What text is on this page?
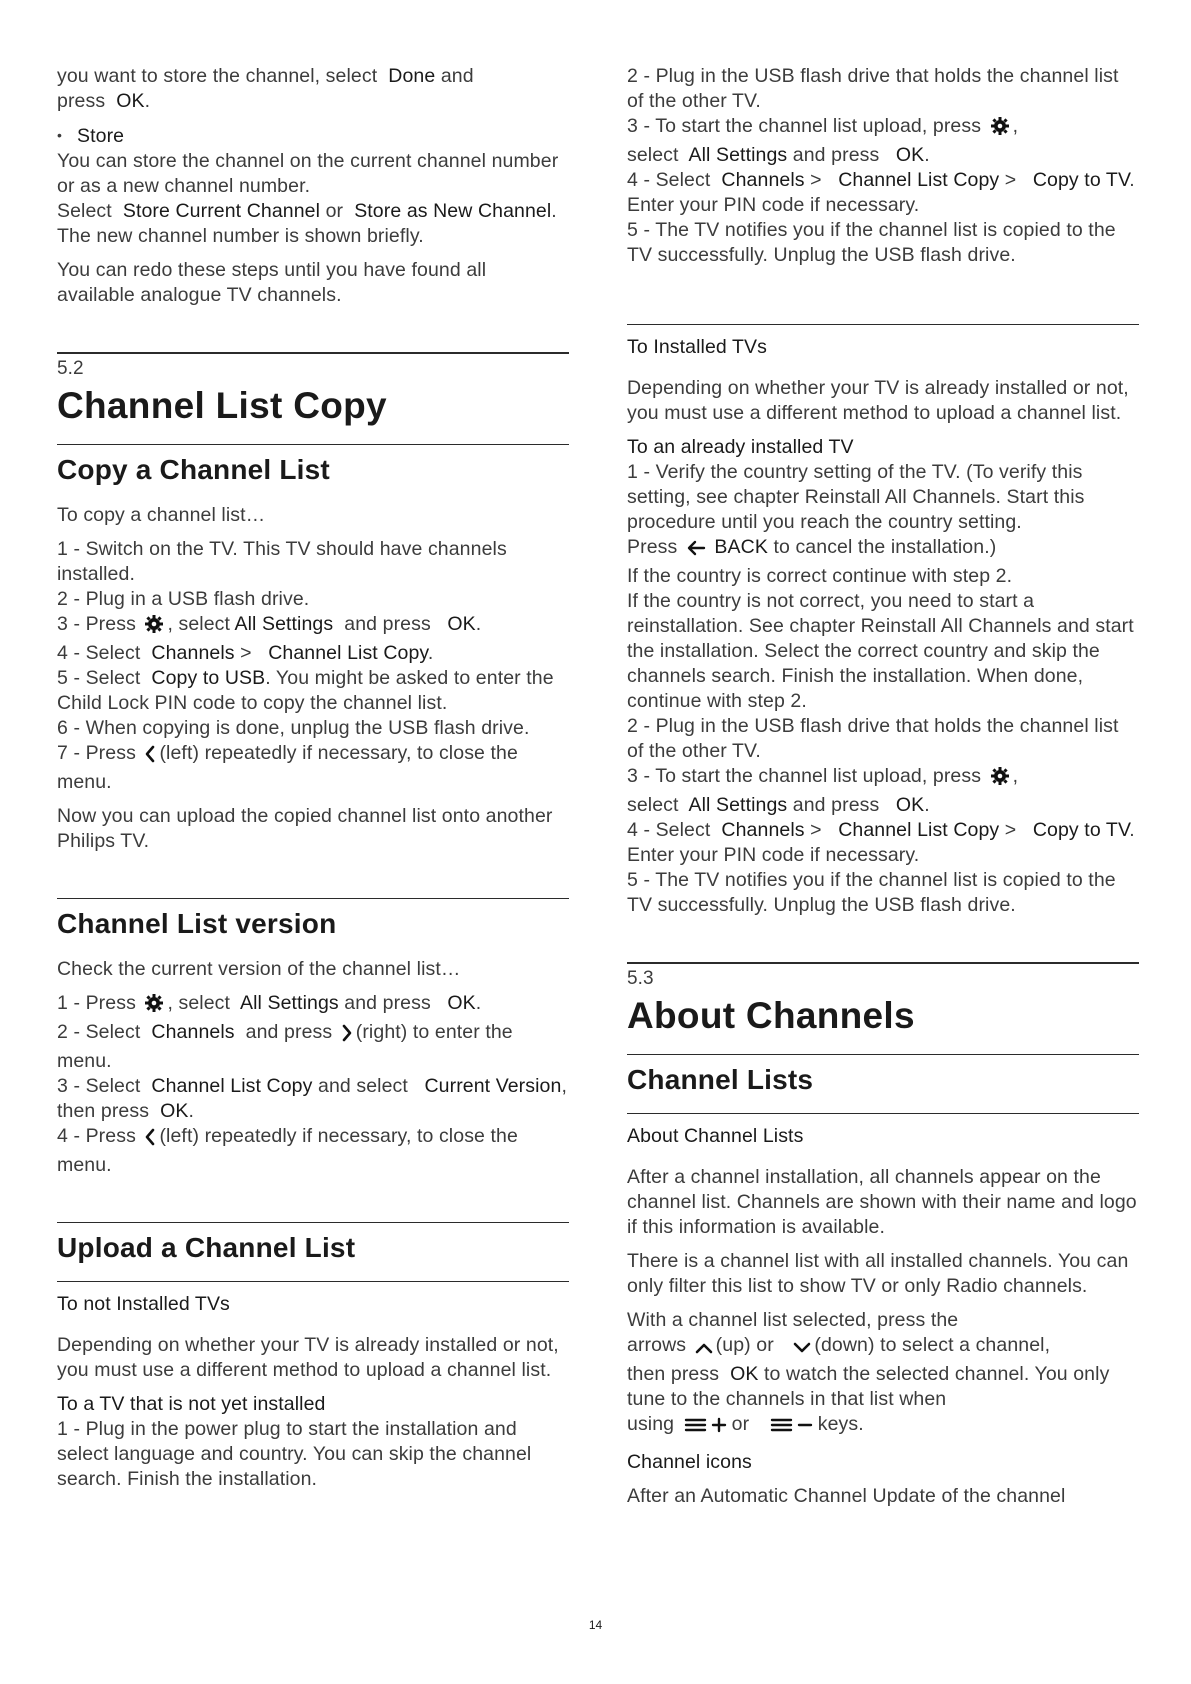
you want to store the channel, select Done and
press OK.

• Store

You can store the channel on the current channel number or as a new channel number.
Select Store Current Channel or Store as New Channel. The new channel number is shown briefly.

You can redo these steps until you have found all available analogue TV channels.

5.2

Channel List Copy
Copy a Channel List

To copy a channel list…

1 - Switch on the TV. This TV should have channels installed.

2 - Plug in a USB flash drive.

3 - Press , select All Settings and press OK.

4 - Select Channels > Channel List Copy.

5 - Select Copy to USB. You might be asked to enter the Child Lock PIN code to copy the channel list.

6 - When copying is done, unplug the USB flash drive.

7 - Press (left) repeatedly if necessary, to close the menu.

Now you can upload the copied channel list onto another Philips TV.

Channel List version

Check the current version of the channel list…

1 - Press , select All Settings and press OK.

2 - Select Channels and press (right) to enter the menu.

3 - Select Channel List Copy and select Current Version, then press OK.

4 - Press (left) repeatedly if necessary, to close the menu.

Upload a Channel List

To not Installed TVs

Depending on whether your TV is already installed or not, you must use a different method to upload a channel list.

To a TV that is not yet installed

1 - Plug in the power plug to start the installation and select language and country. You can skip the channel search. Finish the installation.

2 - Plug in the USB flash drive that holds the channel list of the other TV.

3 - To start the channel list upload, press ,
select All Settings and press OK.

4 - Select Channels > Channel List Copy > Copy to TV. Enter your PIN code if necessary.

5 - The TV notifies you if the channel list is copied to the TV successfully. Unplug the USB flash drive.

To Installed TVs

Depending on whether your TV is already installed or not, you must use a different method to upload a channel list.

To an already installed TV

1 - Verify the country setting of the TV. (To verify this setting, see chapter Reinstall All Channels. Start this procedure until you reach the country setting.
Press BACK to cancel the installation.)
If the country is correct continue with step 2.
If the country is not correct, you need to start a reinstallation. See chapter Reinstall All Channels and start the installation. Select the correct country and skip the channels search. Finish the installation. When done, continue with step 2.

2 - Plug in the USB flash drive that holds the channel list of the other TV.

3 - To start the channel list upload, press ,
select All Settings and press OK.

4 - Select Channels > Channel List Copy > Copy to TV. Enter your PIN code if necessary.

5 - The TV notifies you if the channel list is copied to the TV successfully. Unplug the USB flash drive.

5.3

About Channels
Channel Lists

About Channel Lists

After a channel installation, all channels appear on the channel list. Channels are shown with their name and logo if this information is available.

There is a channel list with all installed channels. You can only filter this list to show TV or only Radio channels.

With a channel list selected, press the
arrows (up) or (down) to select a channel,
then press OK to watch the selected channel. You only tune to the channels in that list when
using	or	keys.

Channel icons

After an Automatic Channel Update of the channel

14
